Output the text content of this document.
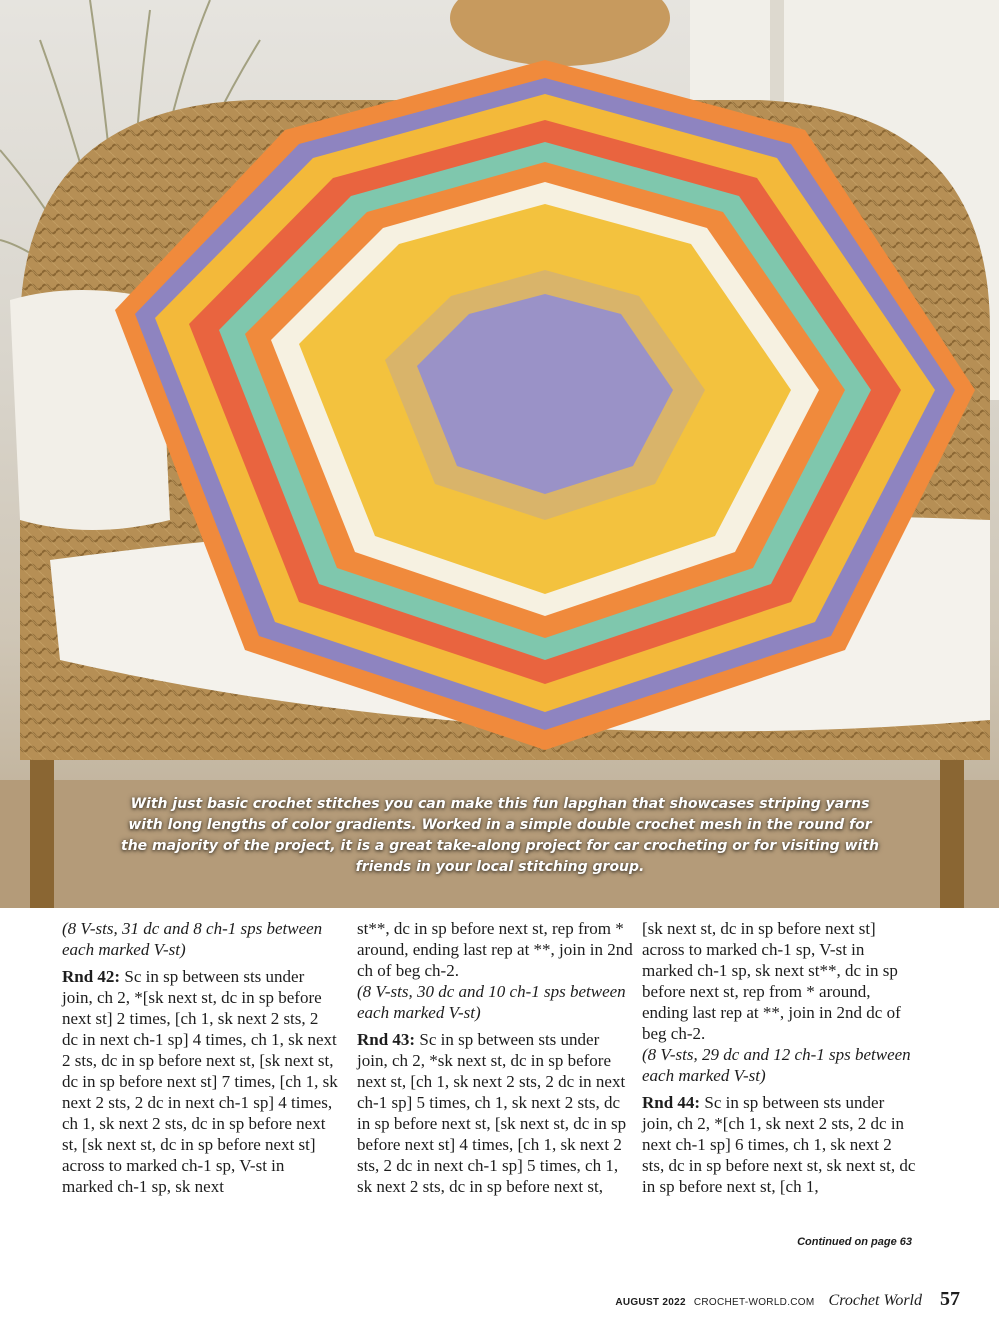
With just basic crochet stitches you can make this fun lapghan that showcases striping yarns with long lengths of color gradients. Worked in a simple double crochet mesh in the round for the majority of the project, it is a great take-along project for car crocheting or for visiting with friends in your local stitching group.

(8 V-sts, 31 dc and 8 ch-1 sps between each marked V-st)

Rnd 42: Sc in sp between sts under join, ch 2, *[sk next st, dc in sp before next st] 2 times, [ch 1, sk next 2 sts, 2 dc in next ch-1 sp] 4 times, ch 1, sk next 2 sts, dc in sp before next st, [sk next st, dc in sp before next st] 7 times, [ch 1, sk next 2 sts, 2 dc in next ch-1 sp] 4 times, ch 1, sk next 2 sts, dc in sp before next st, [sk next st, dc in sp before next st] across to marked ch-1 sp, V-st in marked ch-1 sp, sk next

st**, dc in sp before next st, rep from * around, ending last rep at **, join in 2nd ch of beg ch-2.

(8 V-sts, 30 dc and 10 ch-1 sps between each marked V-st)

Rnd 43: Sc in sp between sts under join, ch 2, *sk next st, dc in sp before next st, [ch 1, sk next 2 sts, 2 dc in next ch-1 sp] 5 times, ch 1, sk next 2 sts, dc in sp before next st, [sk next st, dc in sp before next st] 4 times, [ch 1, sk next 2 sts, 2 dc in next ch-1 sp] 5 times, ch 1, sk next 2 sts, dc in sp before next st,

[sk next st, dc in sp before next st] across to marked ch-1 sp, V-st in marked ch-1 sp, sk next st**, dc in sp before next st, rep from * around, ending last rep at **, join in 2nd dc of beg ch-2.

(8 V-sts, 29 dc and 12 ch-1 sps between each marked V-st)

Rnd 44: Sc in sp between sts under join, ch 2, *[ch 1, sk next 2 sts, 2 dc in next ch-1 sp] 6 times, ch 1, sk next 2 sts, dc in sp before next st, sk next st, dc in sp before next st, [ch 1,

Continued on page 63
AUGUST 2022 CROCHET-WORLD.COM Crochet World 57
